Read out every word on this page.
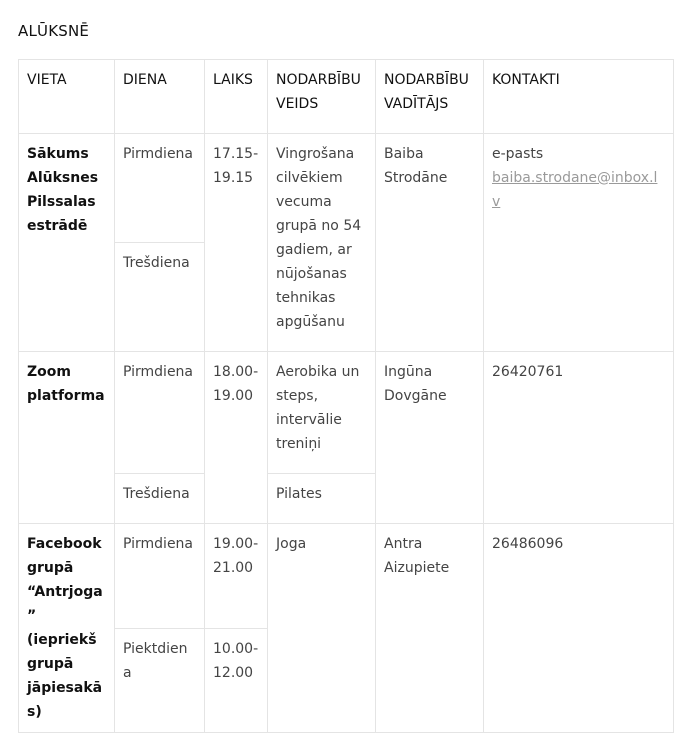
ALŪKSNĒ
VIETA	DIENA	LAIKS	NODARBĪBU VEIDS	NODARBĪBU VADĪTĀJS	KONTAKTI
Sākums Alūksnes Pilssalas estrādē	Pirmdiena	17.15-19.15	Vingrošana cilvēkiem vecuma grupā no 54 gadiem, ar nūjošanas tehnikas apgūšanu	Baiba Strodāne	e-pasts
baiba.strodane@inbox.lv
	Trešdiena				
Zoom platforma	Pirmdiena	18.00-19.00	Aerobika un steps, intervālie treniņi	Ingūna Dovgāne	26420761
	Trešdiena		Pilates		
Facebook grupā “Antrjoga” (iepriekš grupā jāpiesakās)	Pirmdiena	19.00-21.00	Joga	Antra Aizupiete	26486096
	Piektdiena	10.00-12.00			
